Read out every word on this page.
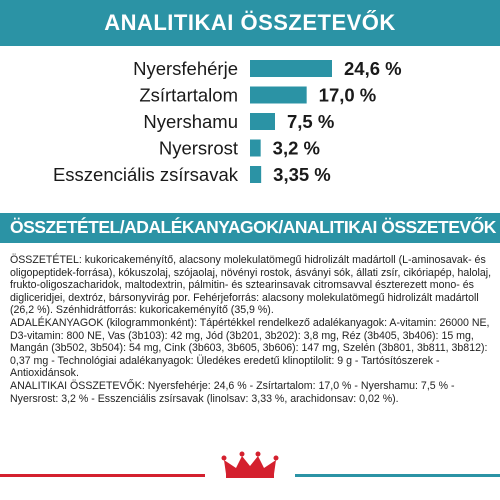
ANALITIKAI ÖSSZETEVŐK
Nyersfehérje	24,6 %
Zsírtartalom	17,0 %
Nyershamu	7,5 %
Nyersrost 3,2 %
Esszenciális zsírsavak 3,35 %
ÖSSZETÉTEL/ADALÉKANYAGOK/ANALITIKAI ÖSSZETEVŐK

ÖSSZETÉTEL: kukoricakeményítő, alacsony molekulatömegű hidrolizált madártoll (L-aminosavak- és oligopeptidek-forrása), kókuszolaj, szójaolaj, növényi rostok, ásványi sók, állati zsír, cikóriapép, halolaj, frukto-oligoszacharidok, maltodextrin, pálmitin- és sztearinsavak citromsavval észterezett mono- és digliceridjei, dextróz, bársonyvirág por. Fehérjeforrás: alacsony molekulatömegű hidrolizált madártoll (26,2 %). Szénhidrátforrás: kukoricakeményítő (35,9 %).

ADALÉKANYAGOK (kilogrammonként): Tápértékkel rendelkező adalékanyagok: A-vitamin: 26000 NE, D3-vitamin: 800 NE, Vas (3b103): 42 mg, Jód (3b201, 3b202): 3,8 mg, Réz (3b405, 3b406): 15 mg, Mangán (3b502, 3b504): 54 mg, Cink (3b603, 3b605, 3b606): 147 mg, Szelén (3b801, 3b811, 3b812): 0,37 mg - Technológiai adalékanyagok: Üledékes eredetű klinoptilolit: 9 g - Tartósítószerek - Antioxidánsok.

ANALITIKAI ÖSSZETEVŐK: Nyersfehérje: 24,6 % - Zsírtartalom: 17,0 % - Nyershamu: 7,5 % - Nyersrost: 3,2 % - Esszenciális zsírsavak (linolsav: 3,33 %, arachidonsav: 0,02 %).
